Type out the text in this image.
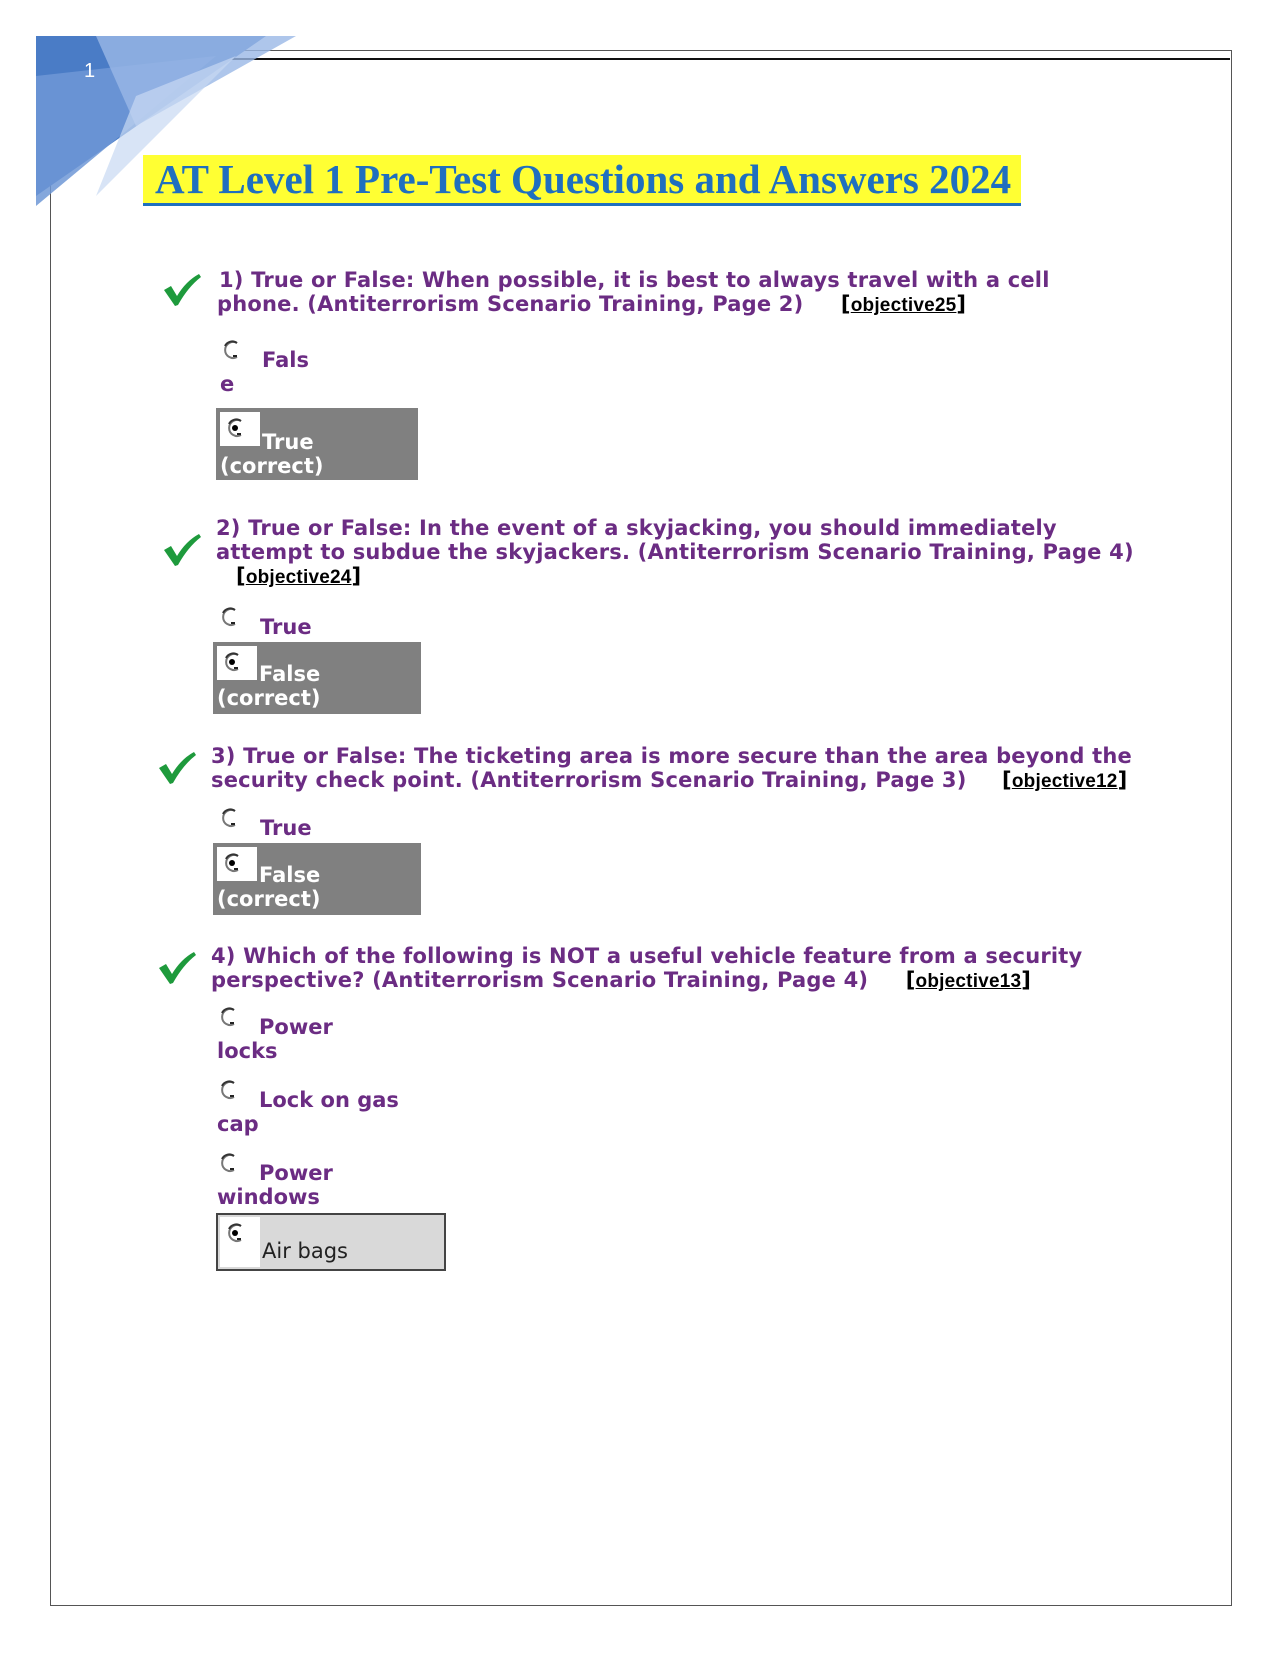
1
AT Level 1 Pre-Test Questions and Answers 2024

1) True or False: When possible, it is best to always travel with a cell
phone. (Antiterrorism Scenario Training, Page 2) [objective25]

Fals
e
True
(correct)

2) True or False: In the event of a skyjacking, you should immediately
attempt to subdue the skyjackers. (Antiterrorism Scenario Training, Page 4)
[objective24]

True
False
(correct)

3) True or False: The ticketing area is more secure than the area beyond the
security check point. (Antiterrorism Scenario Training, Page 3) [objective12]

True
False
(correct)

4) Which of the following is NOT a useful vehicle feature from a security
perspective? (Antiterrorism Scenario Training, Page 4) [objective13]

Power
locks
Lock on gas
cap
Power
windows
Air bags
